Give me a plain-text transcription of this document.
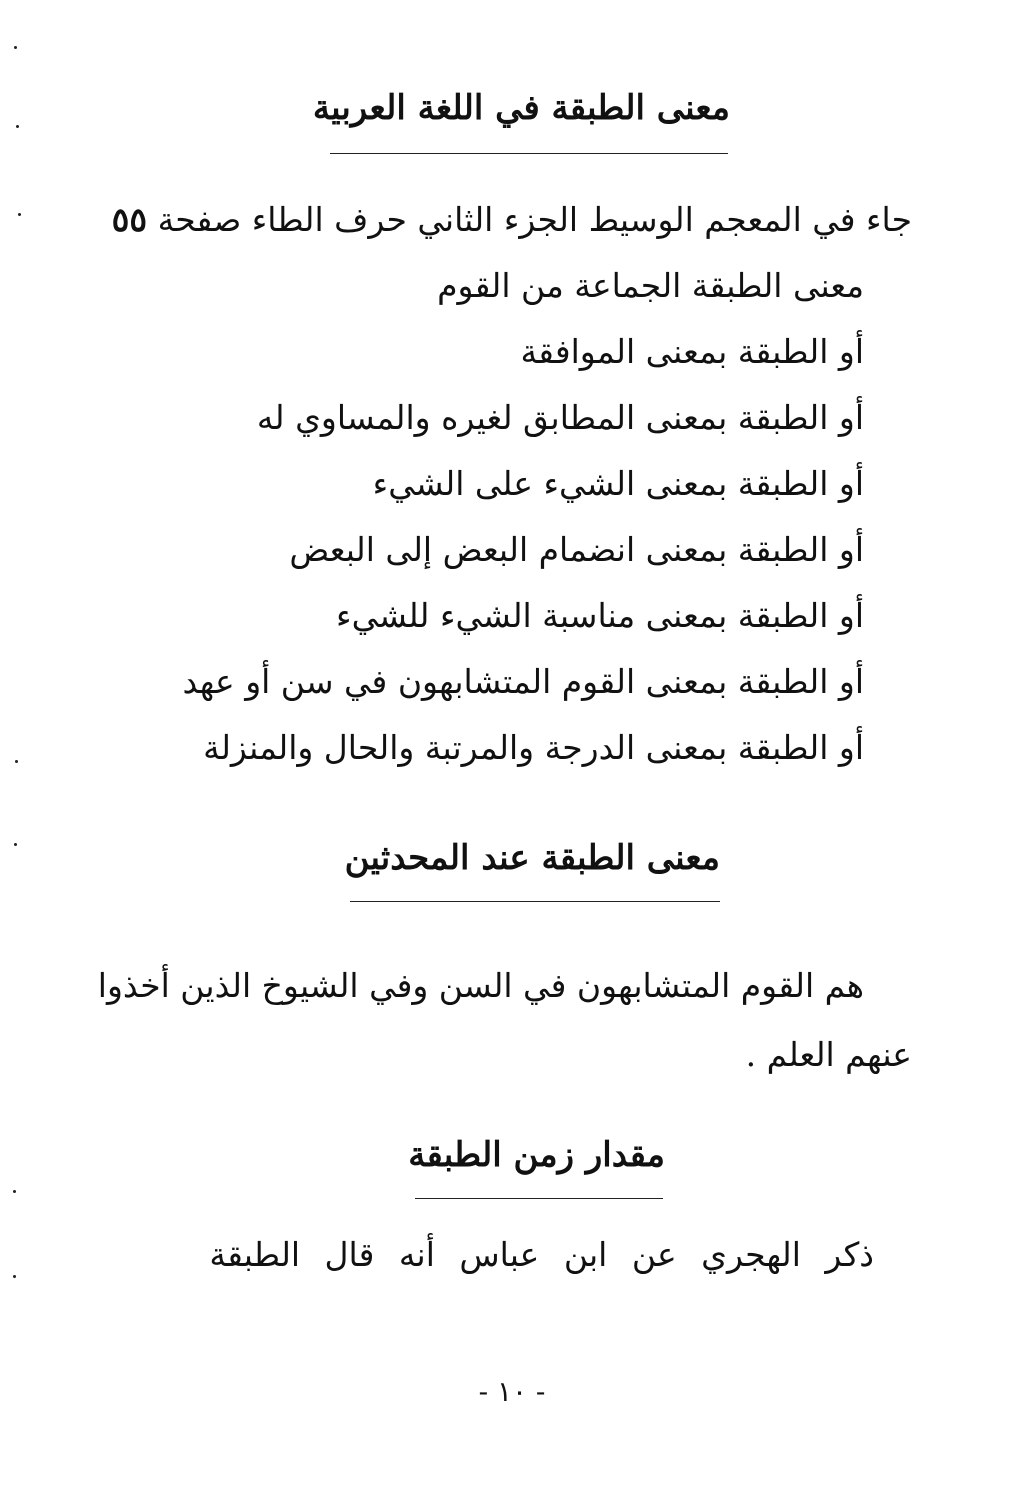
معنى الطبقة في اللغة العربية
جاء في المعجم الوسيط الجزء الثاني حرف الطاء صفحة ٥٥
معنى الطبقة الجماعة من القوم
أو الطبقة بمعنى الموافقة
أو الطبقة بمعنى المطابق لغيره والمساوي له
أو الطبقة بمعنى الشيء على الشيء
أو الطبقة بمعنى انضمام البعض إلى البعض
أو الطبقة بمعنى مناسبة الشيء للشيء
أو الطبقة بمعنى القوم المتشابهون في سن أو عهد
أو الطبقة بمعنى الدرجة والمرتبة والحال والمنزلة
معنى الطبقة عند المحدثين
هم القوم المتشابهون في السن وفي الشيوخ الذين أخذوا
عنهم العلم .
مقدار زمن الطبقة
ذكر الهجري عن ابن عباس أنه قال الطبقة
- ١٠ -
